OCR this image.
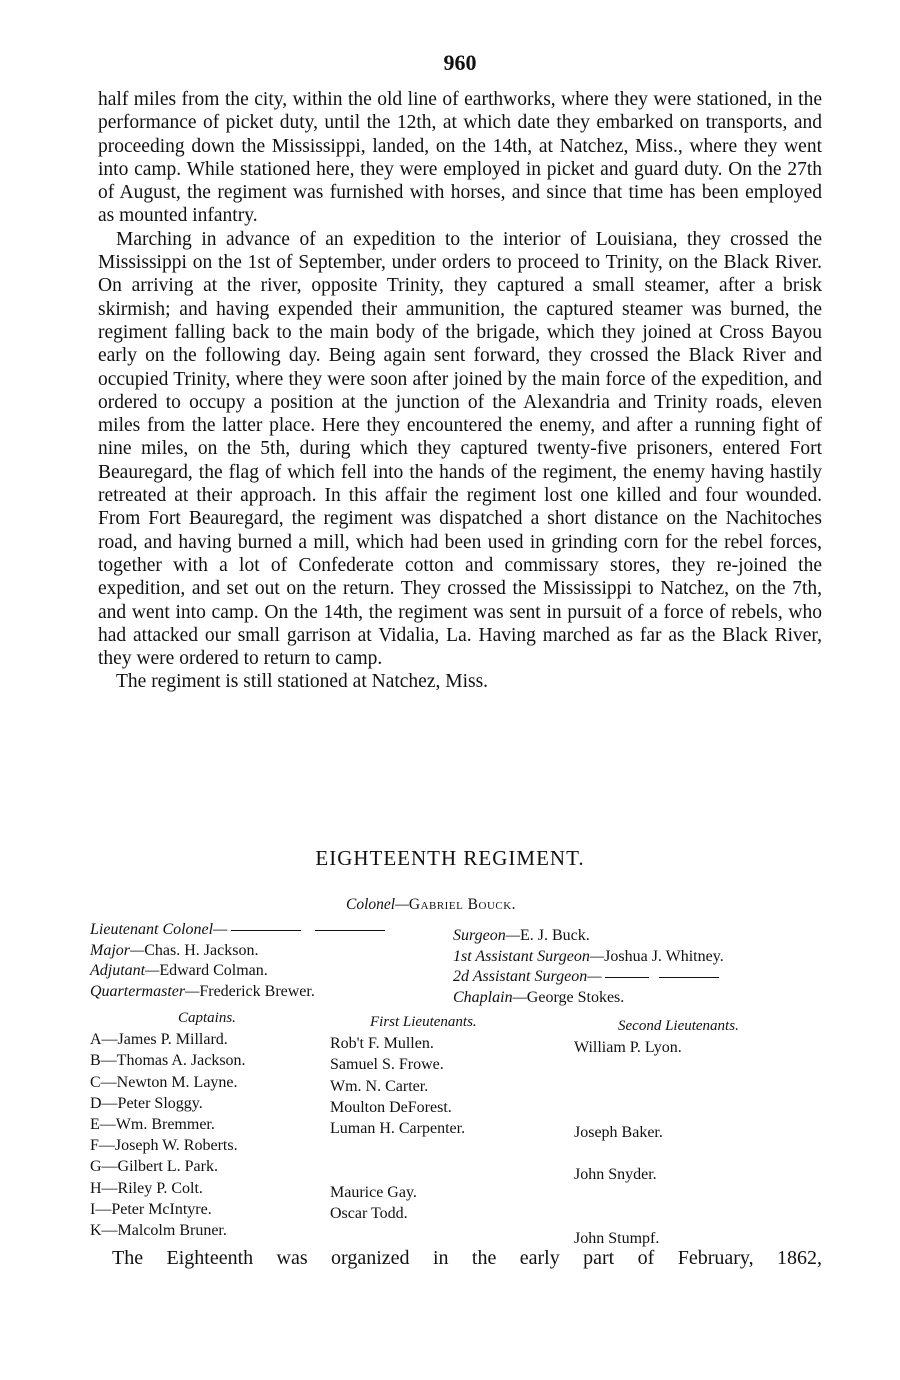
960

half miles from the city, within the old line of earthworks, where they were stationed, in the performance of picket duty, until the 12th, at which date they embarked on transports, and proceeding down the Mississippi, landed, on the 14th, at Natchez, Miss., where they went into camp. While stationed here, they were employed in picket and guard duty. On the 27th of August, the regiment was furnished with horses, and since that time has been employed as mounted infantry.

Marching in advance of an expedition to the interior of Louisiana, they crossed the Mississippi on the 1st of September, under orders to proceed to Trinity, on the Black River. On arriving at the river, opposite Trinity, they captured a small steamer, after a brisk skirmish; and having expended their ammunition, the captured steamer was burned, the regiment falling back to the main body of the brigade, which they joined at Cross Bayou early on the following day. Being again sent forward, they crossed the Black River and occupied Trinity, where they were soon after joined by the main force of the expedition, and ordered to occupy a position at the junction of the Alexandria and Trinity roads, eleven miles from the latter place. Here they encountered the enemy, and after a running fight of nine miles, on the 5th, during which they captured twenty-five prisoners, entered Fort Beauregard, the flag of which fell into the hands of the regiment, the enemy having hastily retreated at their approach. In this affair the regiment lost one killed and four wounded. From Fort Beauregard, the regiment was dispatched a short distance on the Nachitoches road, and having burned a mill, which had been used in grinding corn for the rebel forces, together with a lot of Confederate cotton and commissary stores, they re-joined the expedition, and set out on the return. They crossed the Mississippi to Natchez, on the 7th, and went into camp. On the 14th, the regiment was sent in pursuit of a force of rebels, who had attacked our small garrison at Vidalia, La. Having marched as far as the Black River, they were ordered to return to camp.

The regiment is still stationed at Natchez, Miss.

EIGHTEENTH REGIMENT.
Colonel—Gabriel Bouck.
Lieutenant Colonel—
Major—Chas. H. Jackson.
Adjutant—Edward Colman.
Quartermaster—Frederick Brewer.
Surgeon—E. J. Buck.
1st Assistant Surgeon—Joshua J. Whitney.
2d Assistant Surgeon—
Chaplain—George Stokes.
Captains.
A—James P. Millard.
B—Thomas A. Jackson.
C—Newton M. Layne.
D—Peter Sloggy.
E—Wm. Bremmer.
F—Joseph W. Roberts.
G—Gilbert L. Park.
H—Riley P. Colt.
I—Peter McIntyre.
K—Malcolm Bruner.
First Lieutenants.
Rob't F. Mullen.
Samuel S. Frowe.
Wm. N. Carter.
Moulton DeForest.
Luman H. Carpenter.
Maurice Gay.
Oscar Todd.
Second Lieutenants.
William P. Lyon.
Joseph Baker.
John Snyder.
John Stumpf.
The Eighteenth was organized in the early part of February, 1862,
